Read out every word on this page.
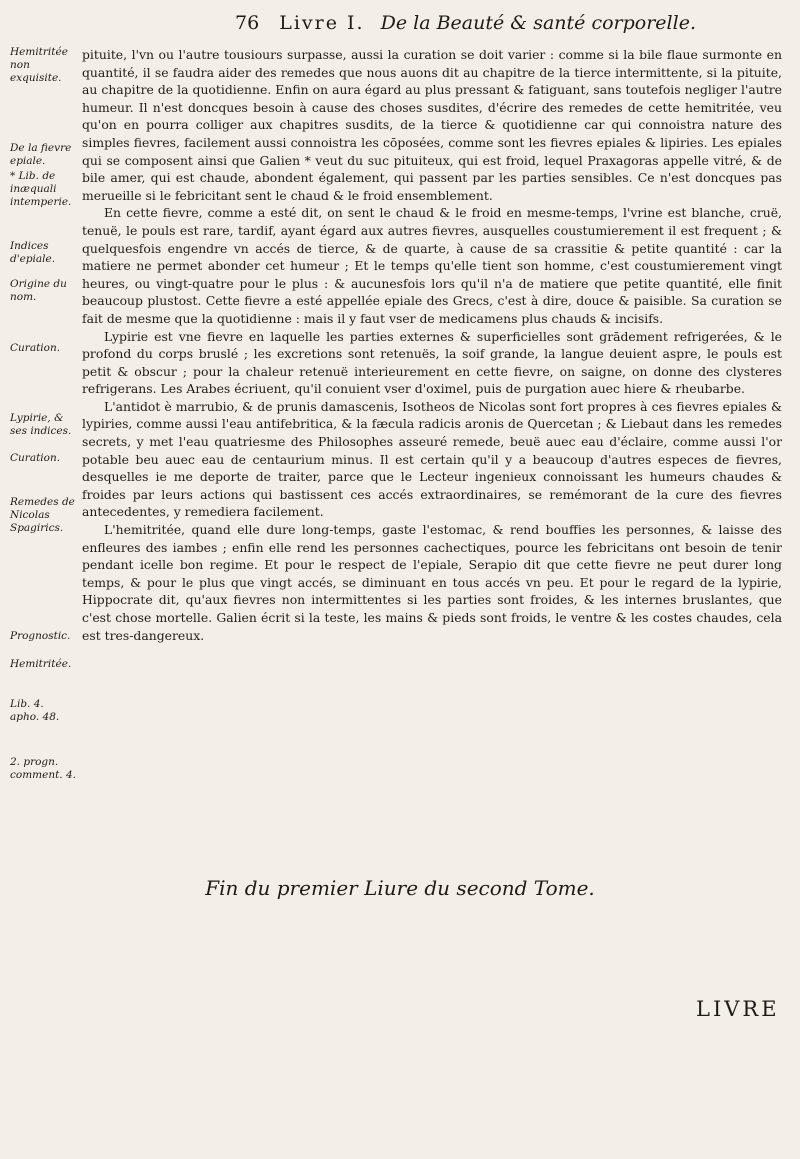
76 Livre I. De la Beauté & santé corporelle.
Hemitritée non exquisite.
De la fievre epiale.
* Lib. de inæquali intemperie.
Indices d'epiale.
Origine du nom.
Curation.
Lypirie, & ses indices.
Curation.
Remedes de Nicolas Spagirics.
Prognostic.
Hemitritée.
Lib. 4. apho. 48.
2. progn. comment. 4.

pituite, l'vn ou l'autre tousiours surpasse, aussi la curation se doit varier : comme si la bile flaue surmonte en quantité, il se faudra aider des remedes que nous auons dit au chapitre de la tierce intermittente, si la pituite, au chapitre de la quotidienne. Enfin on aura égard au plus pressant & fatiguant, sans toutefois negliger l'autre humeur. Il n'est doncques besoin à cause des choses susdites, d'écrire des remedes de cette hemitritée, veu qu'on en pourra colliger aux chapitres susdits, de la tierce & quotidienne car qui connoistra nature des simples fievres, facilement aussi connoistra les cōposées, comme sont les fievres epiales & lipiries. Les epiales qui se composent ainsi que Galien * veut du suc pituiteux, qui est froid, lequel Praxagoras appelle vitré, & de bile amer, qui est chaude, abondent également, qui passent par les parties sensibles. Ce n'est doncques pas merueille si le febricitant sent le chaud & le froid ensemblement.

En cette fievre, comme a esté dit, on sent le chaud & le froid en mesme-temps, l'vrine est blanche, cruë, tenuë, le pouls est rare, tardif, ayant égard aux autres fievres, ausquelles coustumierement il est frequent ; & quelquesfois engendre vn accés de tierce, & de quarte, à cause de sa crassitie & petite quantité : car la matiere ne permet abonder cet humeur ; Et le temps qu'elle tient son homme, c'est coustumierement vingt heures, ou vingt-quatre pour le plus : & aucunesfois lors qu'il n'a de matiere que petite quantité, elle finit beaucoup plustost. Cette fievre a esté appellée epiale des Grecs, c'est à dire, douce & paisible. Sa curation se fait de mesme que la quotidienne : mais il y faut vser de medicamens plus chauds & incisifs.

Lypirie est vne fievre en laquelle les parties externes & superficielles sont grādement refrigerées, & le profond du corps bruslé ; les excretions sont retenuës, la soif grande, la langue deuient aspre, le pouls est petit & obscur ; pour la chaleur retenuë interieurement en cette fievre, on saigne, on donne des clysteres refrigerans. Les Arabes écriuent, qu'il conuient vser d'oximel, puis de purgation auec hiere & rheubarbe.

L'antidot è marrubio, & de prunis damascenis, Isotheos de Nicolas sont fort propres à ces fievres epiales & lypiries, comme aussi l'eau antifebritica, & la fæcula radicis aronis de Quercetan ; & Liebaut dans les remedes secrets, y met l'eau quatriesme des Philosophes asseuré remede, beuë auec eau d'éclaire, comme aussi l'or potable beu auec eau de centaurium minus. Il est certain qu'il y a beaucoup d'autres especes de fievres, desquelles ie me deporte de traiter, parce que le Lecteur ingenieux connoissant les humeurs chaudes & froides par leurs actions qui bastissent ces accés extraordinaires, se remémorant de la cure des fievres antecedentes, y remediera facilement.

L'hemitritée, quand elle dure long-temps, gaste l'estomac, & rend bouffies les personnes, & laisse des enfleures des iambes ; enfin elle rend les personnes cachectiques, pource les febricitans ont besoin de tenir pendant icelle bon regime. Et pour le respect de l'epiale, Serapio dit que cette fievre ne peut durer long temps, & pour le plus que vingt accés, se diminuant en tous accés vn peu. Et pour le regard de la lypirie, Hippocrate dit, qu'aux fievres non intermittentes si les parties sont froides, & les internes bruslantes, que c'est chose mortelle. Galien écrit si la teste, les mains & pieds sont froids, le ventre & les costes chaudes, cela est tres-dangereux.

Fin du premier Liure du second Tome.
LIVRE
